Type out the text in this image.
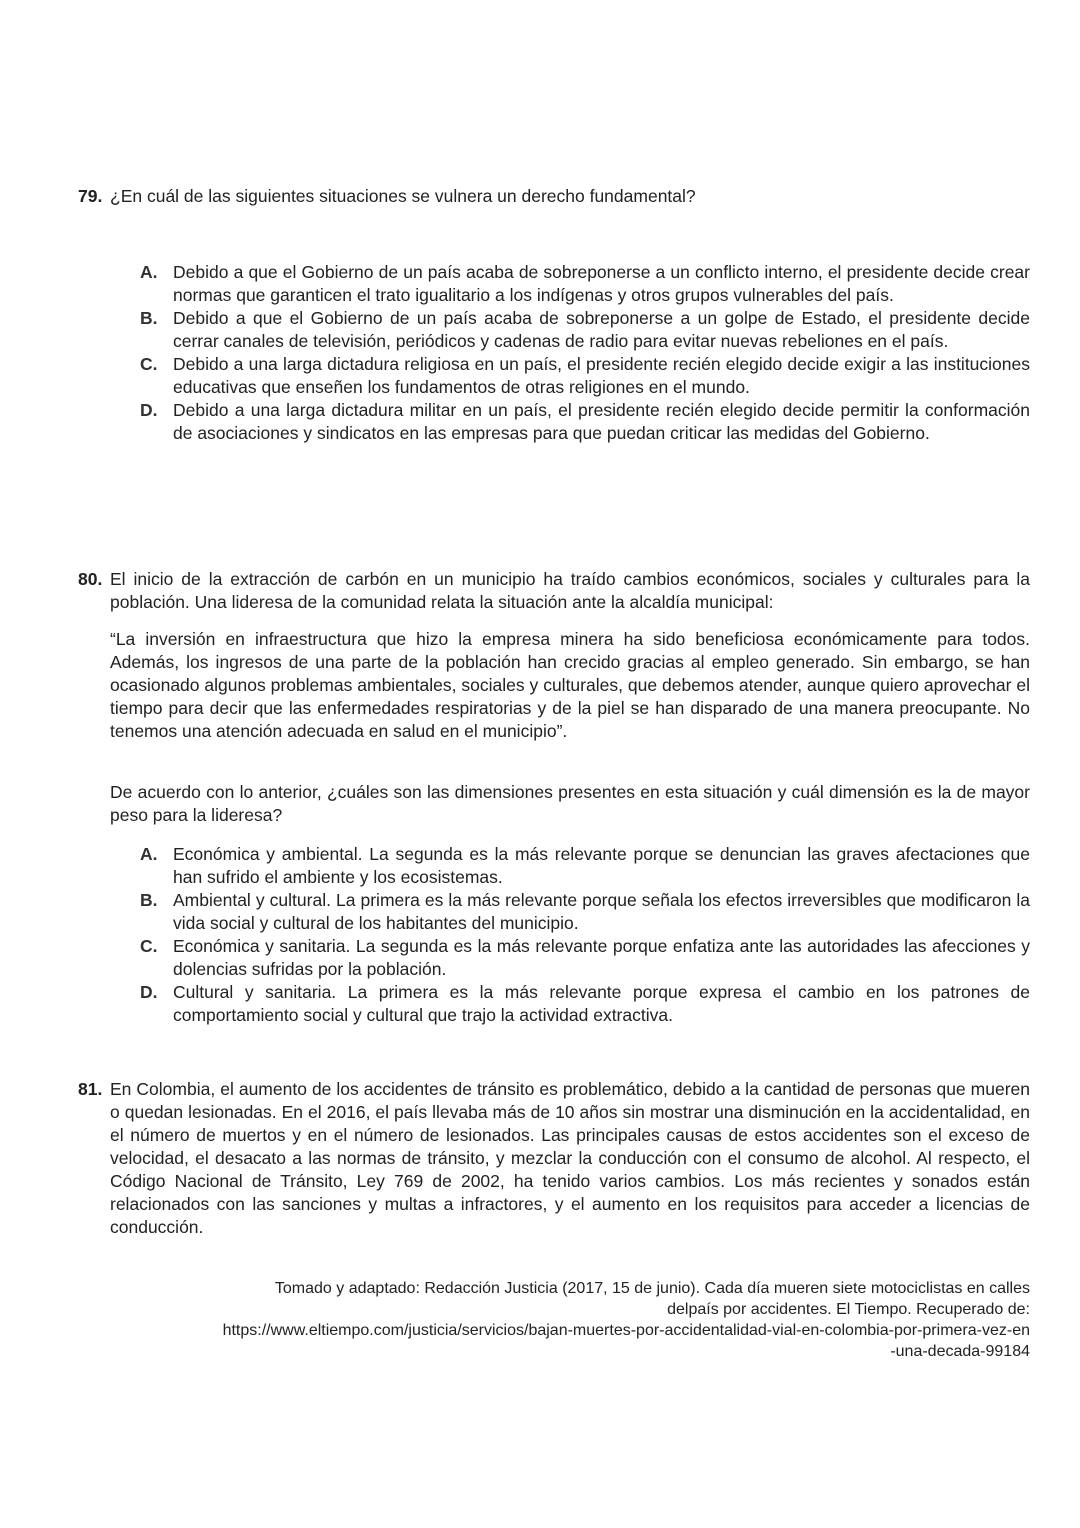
79. ¿En cuál de las siguientes situaciones se vulnera un derecho fundamental?
A. Debido a que el Gobierno de un país acaba de sobreponerse a un conflicto interno, el presidente decide crear normas que garanticen el trato igualitario a los indígenas y otros grupos vulnerables del país.
B. Debido a que el Gobierno de un país acaba de sobreponerse a un golpe de Estado, el presidente decide cerrar canales de televisión, periódicos y cadenas de radio para evitar nuevas rebeliones en el país.
C. Debido a una larga dictadura religiosa en un país, el presidente recién elegido decide exigir a las instituciones educativas que enseñen los fundamentos de otras religiones en el mundo.
D. Debido a una larga dictadura militar en un país, el presidente recién elegido decide permitir la conformación de asociaciones y sindicatos en las empresas para que puedan criticar las medidas del Gobierno.
80. El inicio de la extracción de carbón en un municipio ha traído cambios económicos, sociales y culturales para la población. Una lideresa de la comunidad relata la situación ante la alcaldía municipal:
“La inversión en infraestructura que hizo la empresa minera ha sido beneficiosa económicamente para todos. Además, los ingresos de una parte de la población han crecido gracias al empleo generado. Sin embargo, se han ocasionado algunos problemas ambientales, sociales y culturales, que debemos atender, aunque quiero aprovechar el tiempo para decir que las enfermedades respiratorias y de la piel se han disparado de una manera preocupante. No tenemos una atención adecuada en salud en el municipio”.
De acuerdo con lo anterior, ¿cuáles son las dimensiones presentes en esta situación y cuál dimensión es la de mayor peso para la lideresa?
A. Económica y ambiental. La segunda es la más relevante porque se denuncian las graves afectaciones que han sufrido el ambiente y los ecosistemas.
B. Ambiental y cultural. La primera es la más relevante porque señala los efectos irreversibles que modificaron la vida social y cultural de los habitantes del municipio.
C. Económica y sanitaria. La segunda es la más relevante porque enfatiza ante las autoridades las afecciones y dolencias sufridas por la población.
D. Cultural y sanitaria. La primera es la más relevante porque expresa el cambio en los patrones de comportamiento social y cultural que trajo la actividad extractiva.
81. En Colombia, el aumento de los accidentes de tránsito es problemático, debido a la cantidad de personas que mueren o quedan lesionadas. En el 2016, el país llevaba más de 10 años sin mostrar una disminución en la accidentalidad, en el número de muertos y en el número de lesionados. Las principales causas de estos accidentes son el exceso de velocidad, el desacato a las normas de tránsito, y mezclar la conducción con el consumo de alcohol. Al respecto, el Código Nacional de Tránsito, Ley 769 de 2002, ha tenido varios cambios. Los más recientes y sonados están relacionados con las sanciones y multas a infractores, y el aumento en los requisitos para acceder a licencias de conducción.
Tomado y adaptado: Redacción Justicia (2017, 15 de junio). Cada día mueren siete motociclistas en calles
delpaís por accidentes. El Tiempo. Recuperado de:
https://www.eltiempo.com/justicia/servicios/bajan-muertes-por-accidentalidad-vial-en-colombia-por-primera-vez-en
-una-decada-99184
